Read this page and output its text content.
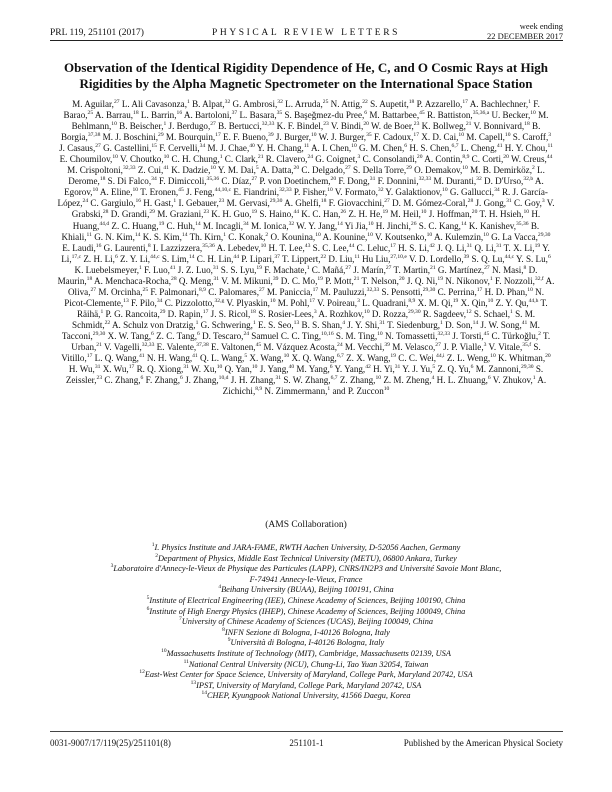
PRL 119, 251101 (2017)	PHYSICAL REVIEW LETTERS
week ending
22 DECEMBER 2017
Observation of the Identical Rigidity Dependence of He, C, and O Cosmic Rays at High Rigidities by the Alpha Magnetic Spectrometer on the International Space Station
M. Aguilar,$^{27}$ L. Ali Cavasonza,$^1$ B. Alpat,$^{32}$ G. Ambrosi,$^{32}$ L. Arruda,$^{25}$ N. Attig,$^{22}$ S. Aupetit,$^{18}$ P. Azzarello,$^{17}$ A. Bachlechner,$^1$ F. Barao,$^{25}$ A. Barrau,$^{18}$ L. Barrin,$^{16}$ A. Bartoloni,$^{37}$ L. Basara,$^{35}$ S. Başeğmez-du Pree,$^6$ M. Battarbee,$^{45}$ R. Battiston,$^{35,36,a}$ U. Becker,$^{10}$ M. Behlmann,$^{10}$ B. Beischer,$^1$ J. Berdugo,$^{27}$ B. Bertucci,$^{32,33}$ K. F. Bindel,$^{23}$ V. Bindi,$^{20}$ W. de Boer,$^{23}$ K. Bollweg,$^{21}$ V. Bonnivard,$^{18}$ B. Borgia,$^{37,38}$ M. J. Boschini,$^{29}$ M. Bourquin,$^{17}$ E. F. Bueno,$^{39}$ J. Burger,$^{10}$ W. J. Burger,$^{35}$ F. Cadoux,$^{17}$ X. D. Cai,$^{10}$ M. Capell,$^{10}$ S. Caroff,$^3$ J. Casaus,$^{27}$ G. Castellini,$^{15}$ F. Cervelli,$^{34}$ M. J. Chae,$^{40}$ Y. H. Chang,$^{11}$ A. I. Chen,$^{10}$ G. M. Chen,$^6$ H. S. Chen,$^{6,7}$ L. Cheng,$^{41}$ H. Y. Chou,$^{11}$ E. Choumilov,$^{10}$ V. Choutko,$^{10}$ C. H. Chung,$^1$ C. Clark,$^{21}$ R. Clavero,$^{24}$ G. Coignet,$^3$ C. Consolandi,$^{20}$ A. Contin,$^{8,9}$ C. Corti,$^{20}$ W. Creus,$^{44}$ M. Crispoltoni,$^{32,33}$ Z. Cui,$^{41}$ K. Dadzie,$^{10}$ Y. M. Dai,$^5$ A. Datta,$^{20}$ C. Delgado,$^{27}$ S. Della Torre,$^{29}$ O. Demakov,$^{10}$ M. B. Demirköz,$^2$ L. Derome,$^{18}$ S. Di Falco,$^{34}$ F. Dimiccoli,$^{35,36}$ C. Díaz,$^{27}$ P. von Doetinchem,$^{20}$ F. Dong,$^{31}$ F. Donnini,$^{32,33}$ M. Duranti,$^{32}$ D. D'Urso,$^{32,b}$ A. Egorov,$^{10}$ A. Eline,$^{10}$ T. Eronen,$^{45}$ J. Feng,$^{44,10,c}$ E. Fiandrini,$^{32,33}$ P. Fisher,$^{10}$ V. Formato,$^{32}$ Y. Galaktionov,$^{10}$ G. Gallucci,$^{34}$ R. J. García-López,$^{24}$ C. Gargiulo,$^{16}$ H. Gast,$^1$ I. Gebauer,$^{23}$ M. Gervasi,$^{29,30}$ A. Ghelfi,$^{18}$ F. Giovacchini,$^{27}$ D. M. Gómez-Coral,$^{28}$ J. Gong,$^{31}$ C. Goy,$^3$ V. Grabski,$^{28}$ D. Grandi,$^{29}$ M. Graziani,$^{23}$ K. H. Guo,$^{19}$ S. Haino,$^{44}$ K. C. Han,$^{26}$ Z. H. He,$^{19}$ M. Heil,$^{10}$ J. Hoffman,$^{20}$ T. H. Hsieh,$^{10}$ H. Huang,$^{44,d}$ Z. C. Huang,$^{19}$ C. Huh,$^{14}$ M. Incagli,$^{34}$ M. Ionica,$^{32}$ W. Y. Jang,$^{14}$ Yi Jia,$^{10}$ H. Jinchi,$^{26}$ S. C. Kang,$^{14}$ K. Kanishev,$^{35,36}$ B. Khiali,$^{11}$ G. N. Kim,$^{14}$ K. S. Kim,$^{14}$ Th. Kirn,$^1$ C. Konak,$^2$ O. Kounina,$^{10}$ A. Kounine,$^{10}$ V. Koutsenko,$^{10}$ A. Kulemzin,$^{10}$ G. La Vacca,$^{29,30}$ E. Laudi,$^{16}$ G. Laurenti,$^8$ I. Lazzizzera,$^{35,36}$ A. Lebedev,$^{10}$ H. T. Lee,$^{43}$ S. C. Lee,$^{44}$ C. Leluc,$^{17}$ H. S. Li,$^{42}$ J. Q. Li,$^{31}$ Q. Li,$^{31}$ T. X. Li,$^{19}$ Y. Li,$^{17,c}$ Z. H. Li,$^6$ Z. Y. Li,$^{44,c}$ S. Lim,$^{14}$ C. H. Lin,$^{44}$ P. Lipari,$^{37}$ T. Lippert,$^{22}$ D. Liu,$^{11}$ Hu Liu,$^{27,10,e}$ V. D. Lordello,$^{39}$ S. Q. Lu,$^{44,c}$ Y. S. Lu,$^6$ K. Luebelsmeyer,$^1$ F. Luo,$^{41}$ J. Z. Luo,$^{31}$ S. S. Lyu,$^{19}$ F. Machate,$^1$ C. Mañá,$^{27}$ J. Marín,$^{27}$ T. Martin,$^{21}$ G. Martínez,$^{27}$ N. Masi,$^8$ D. Maurin,$^{18}$ A. Menchaca-Rocha,$^{28}$ Q. Meng,$^{31}$ V. M. Mikuni,$^{39}$ D. C. Mo,$^{19}$ P. Mott,$^{21}$ T. Nelson,$^{20}$ J. Q. Ni,$^{19}$ N. Nikonov,$^1$ F. Nozzoli,$^{32,f}$ A. Oliva,$^{27}$ M. Orcinha,$^{25}$ F. Palmonari,$^{8,9}$ C. Palomares,$^{27}$ M. Paniccia,$^{17}$ M. Pauluzzi,$^{32,33}$ S. Pensotti,$^{29,30}$ C. Perrina,$^{17}$ H. D. Phan,$^{10}$ N. Picot-Clemente,$^{13}$ F. Pilo,$^{34}$ C. Pizzolotto,$^{32,g}$ V. Plyaskin,$^{10}$ M. Pohl,$^{17}$ V. Poireau,$^3$ L. Quadrani,$^{8,9}$ X. M. Qi,$^{19}$ X. Qin,$^{10}$ Z. Y. Qu,$^{44,h}$ T. Räihä,$^1$ P. G. Rancoita,$^{29}$ D. Rapin,$^{17}$ J. S. Ricol,$^{18}$ S. Rosier-Lees,$^3$ A. Rozhkov,$^{10}$ D. Rozza,$^{29,30}$ R. Sagdeev,$^{12}$ S. Schael,$^1$ S. M. Schmidt,$^{22}$ A. Schulz von Dratzig,$^1$ G. Schwering,$^1$ E. S. Seo,$^{13}$ B. S. Shan,$^4$ J. Y. Shi,$^{31}$ T. Siedenburg,$^1$ D. Son,$^{14}$ J. W. Song,$^{41}$ M. Tacconi,$^{29,30}$ X. W. Tang,$^6$ Z. C. Tang,$^6$ D. Tescaro,$^{24}$ Samuel C. C. Ting,$^{10,16}$ S. M. Ting,$^{10}$ N. Tomassetti,$^{32,33}$ J. Torsti,$^{45}$ C. Türkoğlu,$^2$ T. Urban,$^{21}$ V. Vagelli,$^{32,33}$ E. Valente,$^{37,38}$ E. Valtonen,$^{45}$ M. Vázquez Acosta,$^{24}$ M. Vecchi,$^{39}$ M. Velasco,$^{27}$ J. P. Vialle,$^3$ V. Vitale,$^{35,f}$ S. Vitillo,$^{17}$ L. Q. Wang,$^{41}$ N. H. Wang,$^{41}$ Q. L. Wang,$^5$ X. Wang,$^{10}$ X. Q. Wang,$^{6,7}$ Z. X. Wang,$^{19}$ C. C. Wei,$^{44,i}$ Z. L. Weng,$^{10}$ K. Whitman,$^{20}$ H. Wu,$^{31}$ X. Wu,$^{17}$ R. Q. Xiong,$^{31}$ W. Xu,$^{10}$ Q. Yan,$^{10}$ J. Yang,$^{40}$ M. Yang,$^6$ Y. Yang,$^{42}$ H. Yi,$^{31}$ Y. J. Yu,$^5$ Z. Q. Yu,$^6$ M. Zannoni,$^{29,30}$ S. Zeissler,$^{23}$ C. Zhang,$^6$ F. Zhang,$^6$ J. Zhang,$^{10,d}$ J. H. Zhang,$^{31}$ S. W. Zhang,$^{6,7}$ Z. Zhang,$^{10}$ Z. M. Zheng,$^4$ H. L. Zhuang,$^6$ V. Zhukov,$^1$ A. Zichichi,$^{8,9}$ N. Zimmermann,$^1$ and P. Zuccon$^{10}$
(AMS Collaboration)
$^1$I. Physics Institute and JARA-FAME, RWTH Aachen University, D-52056 Aachen, Germany
$^2$Department of Physics, Middle East Technical University (METU), 06800 Ankara, Turkey
$^3$Laboratoire d'Annecy-le-Vieux de Physique des Particules (LAPP), CNRS/IN2P3 and Université Savoie Mont Blanc,
F-74941 Annecy-le-Vieux, France
$^4$Beihang University (BUAA), Beijing 100191, China
$^5$Institute of Electrical Engineering (IEE), Chinese Academy of Sciences, Beijing 100190, China
$^6$Institute of High Energy Physics (IHEP), Chinese Academy of Sciences, Beijing 100049, China
$^7$University of Chinese Academy of Sciences (UCAS), Beijing 100049, China
$^8$INFN Sezione di Bologna, I-40126 Bologna, Italy
$^9$Università di Bologna, I-40126 Bologna, Italy
$^{10}$Massachusetts Institute of Technology (MIT), Cambridge, Massachusetts 02139, USA
$^{11}$National Central University (NCU), Chung-Li, Tao Yuan 32054, Taiwan
$^{12}$East-West Center for Space Science, University of Maryland, College Park, Maryland 20742, USA
$^{13}$IPST, University of Maryland, College Park, Maryland 20742, USA
$^{14}$CHEP, Kyungpook National University, 41566 Daegu, Korea
0031-9007/17/119(25)/251101(8)	251101-1	Published by the American Physical Society
